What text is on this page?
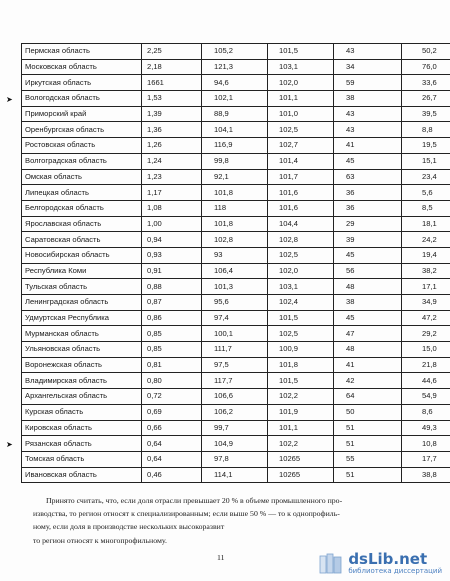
Пермская область	2,25	105,2	101,5	43	50,2
Московская область	2,18	121,3	103,1	34	76,0
Иркутская область	1661	94,6	102,0	59	33,6
Вологодская область	1,53	102,1	101,1	38	26,7
Приморский край	1,39	88,9	101,0	43	39,5
Оренбургская область	1,36	104,1	102,5	43	8,8
Ростовская область	1,26	116,9	102,7	41	19,5
Волгоградская область	1,24	99,8	101,4	45	15,1
Омская область	1,23	92,1	101,7	63	23,4
Липецкая область	1,17	101,8	101,6	36	5,6
Белгородская область	1,08	118	101,6	36	8,5
Ярославская область	1,00	101,8	104,4	29	18,1
Саратовская область	0,94	102,8	102,8	39	24,2
Новосибирская область	0,93	93	102,5	45	19,4
Республика Коми	0,91	106,4	102,0	56	38,2
Тульская область	0,88	101,3	103,1	48	17,1
Ленинградская область	0,87	95,6	102,4	38	34,9
Удмуртская Республика	0,86	97,4	101,5	45	47,2
Мурманская область	0,85	100,1	102,5	47	29,2
Ульяновская область	0,85	111,7	100,9	48	15,0
Воронежская область	0,81	97,5	101,8	41	21,8
Владимирская область	0,80	117,7	101,5	42	44,6
Архангельская область	0,72	106,6	102,2	64	54,9
Курская область	0,69	106,2	101,9	50	8,6
Кировская область	0,66	99,7	101,1	51	49,3
Рязанская область	0,64	104,9	102,2	51	10,8
Томская область	0,64	97,8	10265	55	17,7
Ивановская область	0,46	114,1	10265	51	38,8
➤
➤
Принято считать, что, если доля отрасли превышает 20 % в объеме промышленного про-
изводства, то регион относят к специализированным; если выше 50 % — то к однопрофиль-
ному, если доля в производстве нескольких высокоразвит
то регион относят к многопрофильному.
11	dsLib.net
библиотека диссертаций
